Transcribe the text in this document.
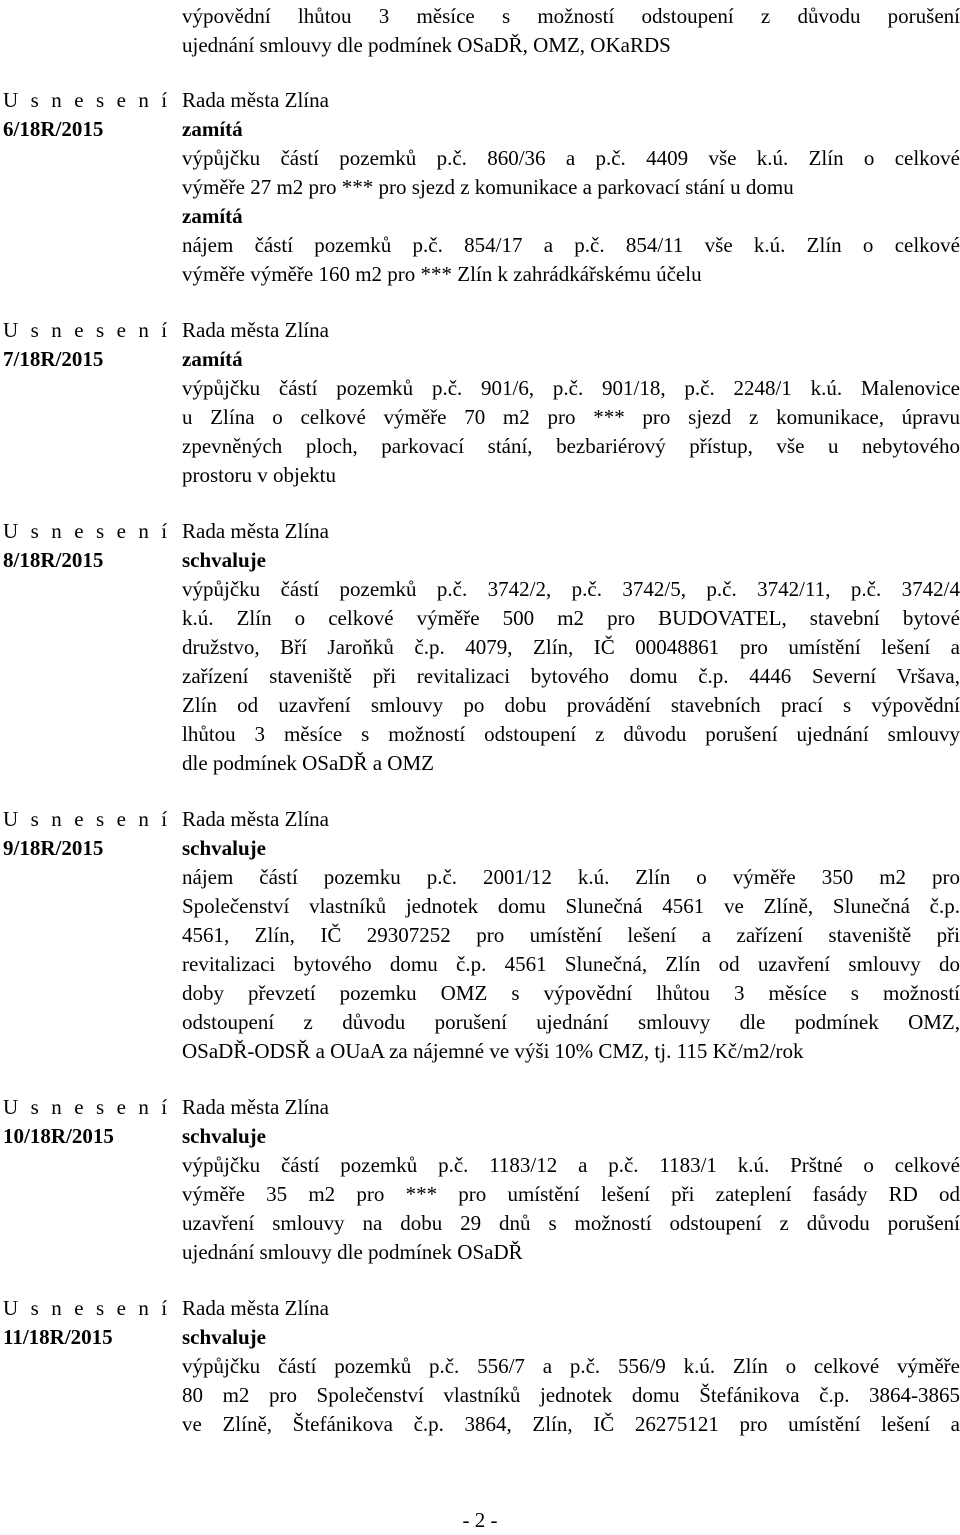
výpovědní lhůtou 3 měsíce s možností odstoupení z důvodu porušení
ujednání smlouvy dle podmínek OSaDŘ, OMZ, OKaRDS
U s n e s e n í
6/18R/2015
Rada města Zlína
zamítá
výpůjčku částí pozemků p.č. 860/36 a p.č. 4409 vše k.ú. Zlín o celkové
výměře 27 m2 pro *** pro sjezd z komunikace a parkovací stání u domu
zamítá
nájem částí pozemků p.č. 854/17 a p.č. 854/11 vše k.ú. Zlín o celkové
výměře výměře 160 m2 pro *** Zlín k zahrádkářskému účelu
U s n e s e n í
7/18R/2015
Rada města Zlína
zamítá
výpůjčku částí pozemků p.č. 901/6, p.č. 901/18, p.č. 2248/1 k.ú. Malenovice
u Zlína o celkové výměře 70 m2 pro *** pro sjezd z komunikace, úpravu
zpevněných ploch, parkovací stání, bezbariérový přístup, vše u nebytového
prostoru v objektu
U s n e s e n í
8/18R/2015
Rada města Zlína
schvaluje
výpůjčku částí pozemků p.č. 3742/2, p.č. 3742/5, p.č. 3742/11, p.č. 3742/4
k.ú. Zlín o celkové výměře 500 m2 pro BUDOVATEL, stavební bytové
družstvo, Bří Jaroňků č.p. 4079, Zlín, IČ 00048861 pro umístění lešení a
zařízení staveniště při revitalizaci bytového domu č.p. 4446 Severní Vršava,
Zlín od uzavření smlouvy po dobu provádění stavebních prací s výpovědní
lhůtou 3 měsíce s možností odstoupení z důvodu porušení ujednání smlouvy
dle podmínek OSaDŘ a OMZ
U s n e s e n í
9/18R/2015
Rada města Zlína
schvaluje
nájem částí pozemku p.č. 2001/12 k.ú. Zlín o výměře 350 m2 pro
Společenství vlastníků jednotek domu Slunečná 4561 ve Zlíně, Slunečná č.p.
4561, Zlín, IČ 29307252 pro umístění lešení a zařízení staveniště při
revitalizaci bytového domu č.p. 4561 Slunečná, Zlín od uzavření smlouvy do
doby převzetí pozemku OMZ s výpovědní lhůtou 3 měsíce s možností
odstoupení z důvodu porušení ujednání smlouvy dle podmínek OMZ,
OSaDŘ-ODSŘ a OUaA za nájemné ve výši 10% CMZ, tj. 115 Kč/m2/rok
U s n e s e n í
10/18R/2015
Rada města Zlína
schvaluje
výpůjčku částí pozemků p.č. 1183/12 a p.č. 1183/1 k.ú. Prštné o celkové
výměře 35 m2 pro *** pro umístění lešení při zateplení fasády RD od
uzavření smlouvy na dobu 29 dnů s možností odstoupení z důvodu porušení
ujednání smlouvy dle podmínek OSaDŘ
U s n e s e n í
11/18R/2015
Rada města Zlína
schvaluje
výpůjčku částí pozemků p.č. 556/7 a p.č. 556/9 k.ú. Zlín o celkové výměře
80 m2 pro Společenství vlastníků jednotek domu Štefánikova č.p. 3864-3865
ve Zlíně, Štefánikova č.p. 3864, Zlín, IČ 26275121 pro umístění lešení a
- 2 -
